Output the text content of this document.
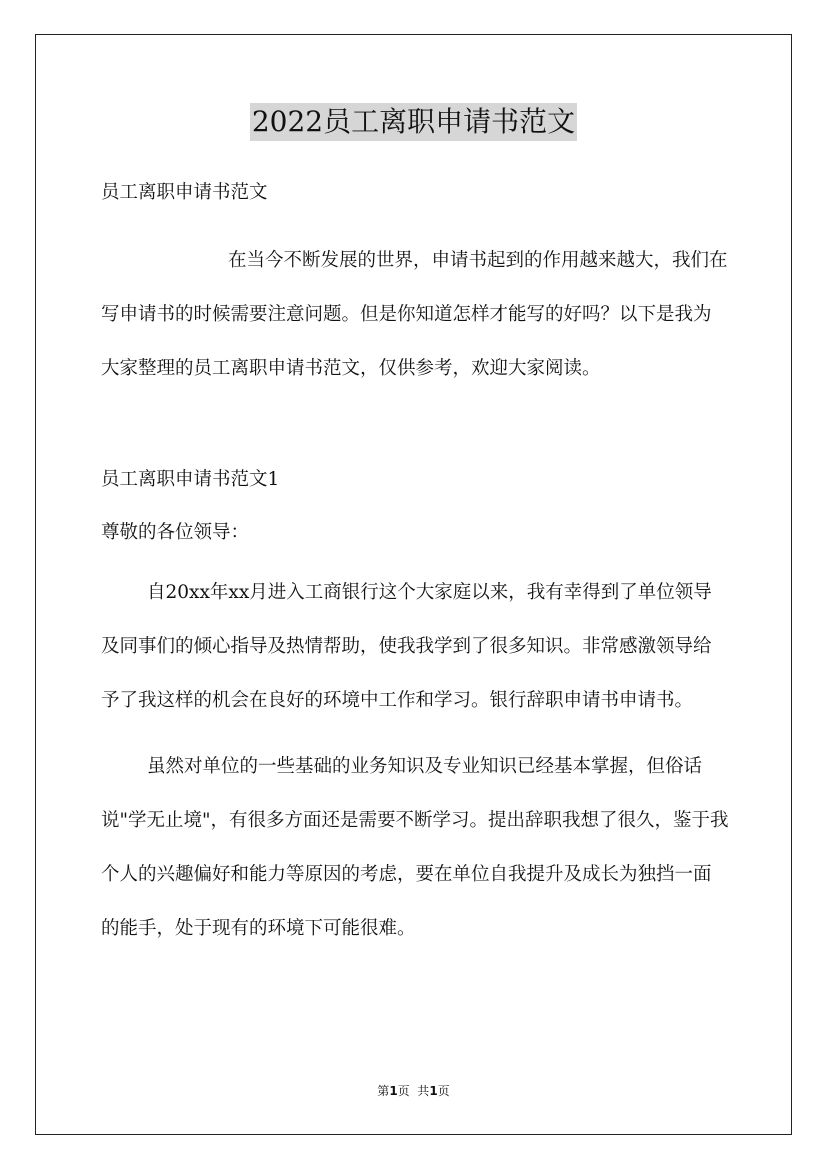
2022员工离职申请书范文

员工离职申请书范文

在当今不断发展的世界，申请书起到的作用越来越大，我们在写申请书的时候需要注意问题。但是你知道怎样才能写的好吗？以下是我为大家整理的员工离职申请书范文，仅供参考，欢迎大家阅读。

员工离职申请书范文1

尊敬的各位领导：

自20xx年xx月进入工商银行这个大家庭以来，我有幸得到了单位领导及同事们的倾心指导及热情帮助，使我我学到了很多知识。非常感激领导给予了我这样的机会在良好的环境中工作和学习。银行辞职申请书申请书。

虽然对单位的一些基础的业务知识及专业知识已经基本掌握，但俗话说"学无止境"，有很多方面还是需要不断学习。提出辞职我想了很久，鉴于我个人的兴趣偏好和能力等原因的考虑，要在单位自我提升及成长为独挡一面的能手，处于现有的环境下可能很难。

第1页  共1页
